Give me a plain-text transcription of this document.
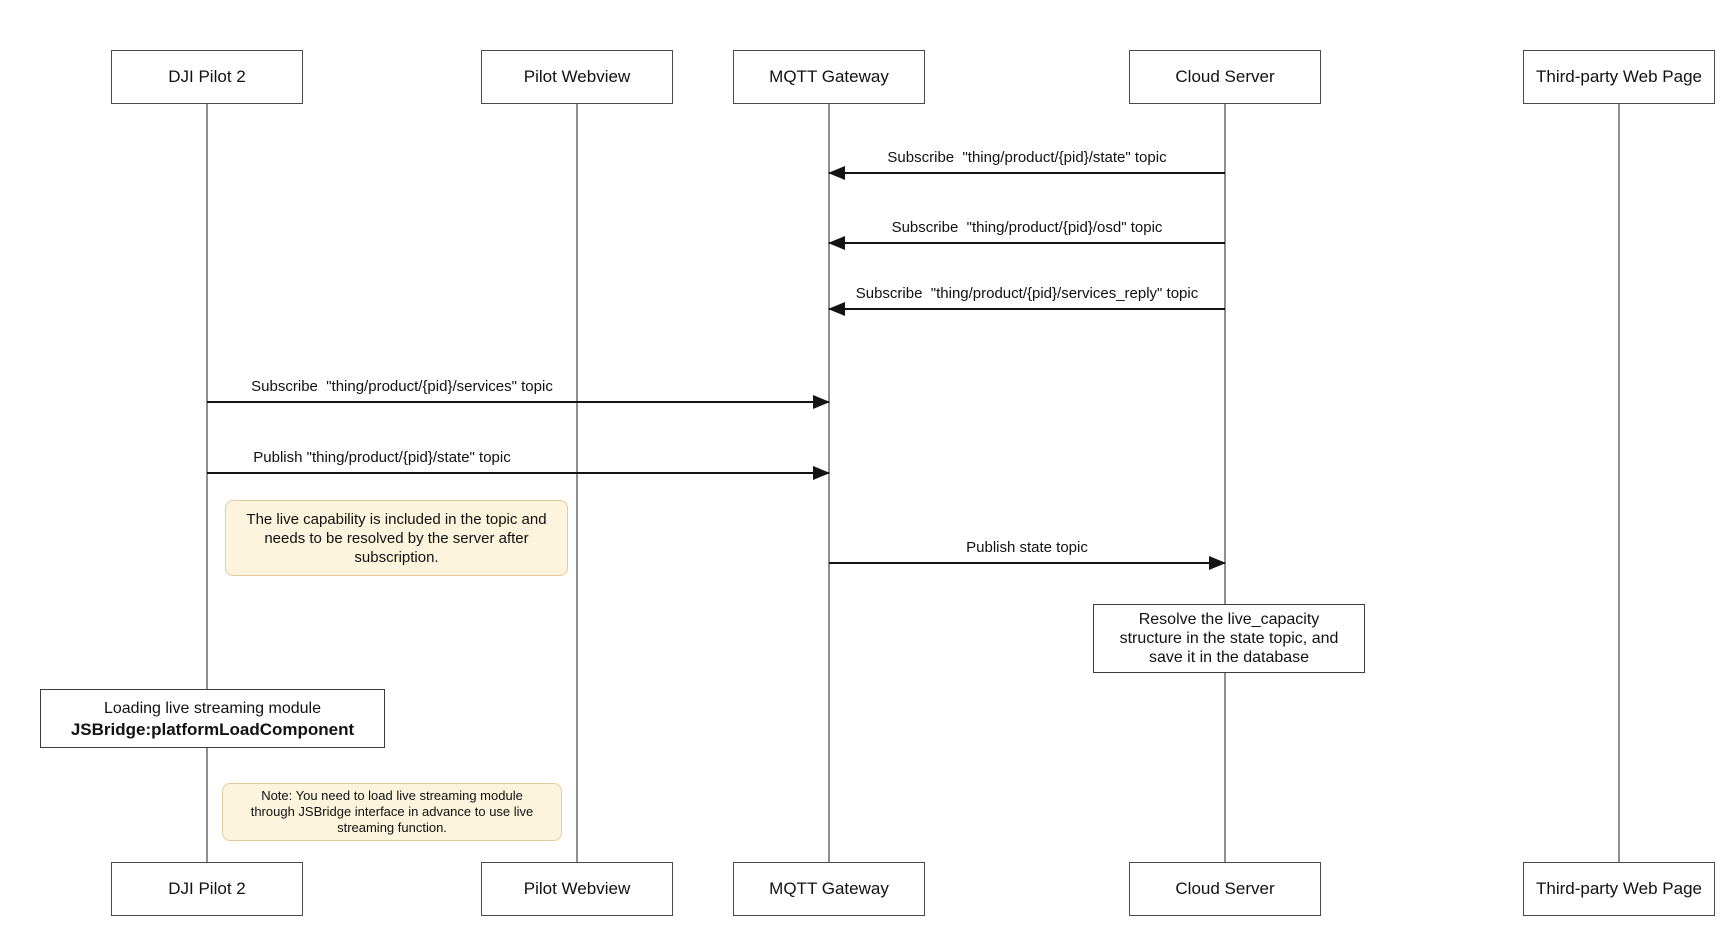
DJI Pilot 2	Pilot Webview	MQTT Gateway	Cloud Server	Third-party Web Page
DJI Pilot 2	Pilot Webview	MQTT Gateway	Cloud Server	Third-party Web Page
Subscribe  "thing/product/{pid}/state" topic
Subscribe  "thing/product/{pid}/osd" topic
Subscribe  "thing/product/{pid}/services_reply" topic
Subscribe  "thing/product/{pid}/services" topic
Publish "thing/product/{pid}/state" topic
Publish state topic
The live capability is included in the topic and
needs to be resolved by the server after
subscription.
Note: You need to load live streaming module
through JSBridge interface in advance to use live
streaming function.
Resolve the live_capacity
structure in the state topic, and
save it in the database
Loading live streaming module
JSBridge:platformLoadComponent
